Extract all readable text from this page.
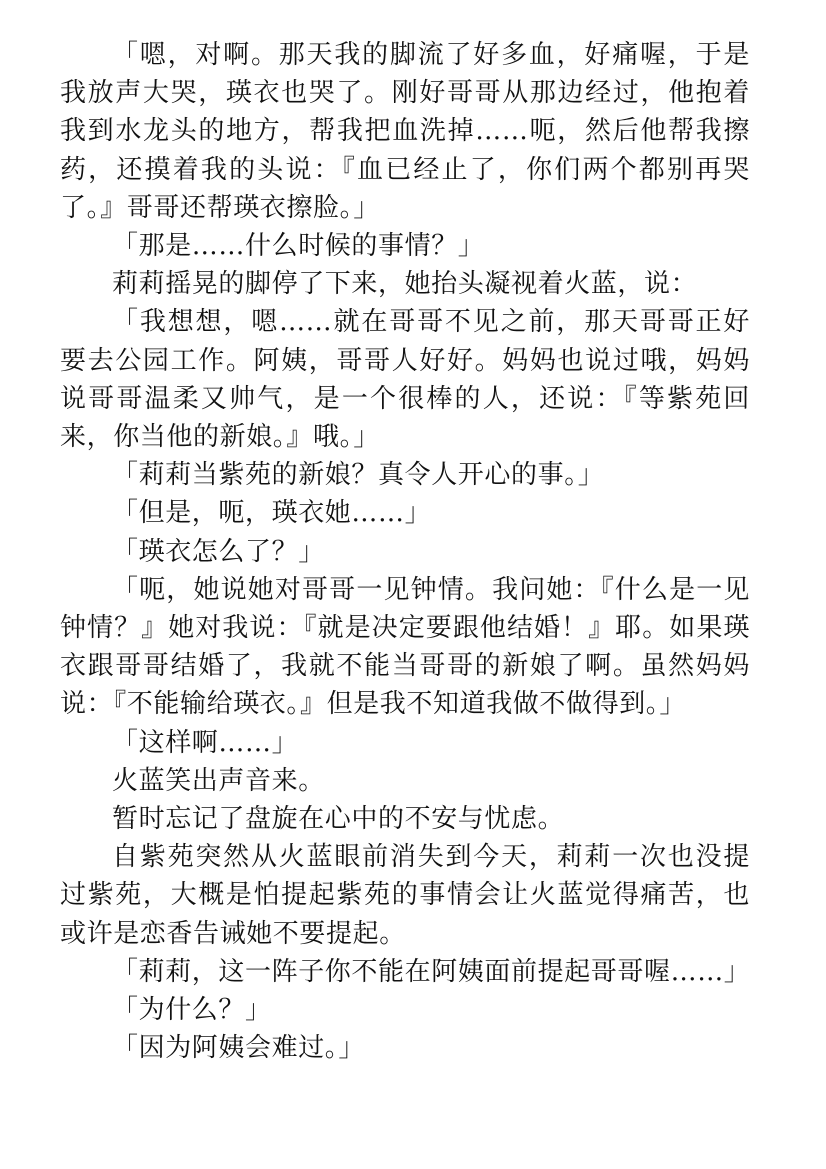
「嗯，对啊。那天我的脚流了好多血，好痛喔，于是我放声大哭，瑛衣也哭了。刚好哥哥从那边经过，他抱着我到水龙头的地方，帮我把血洗掉……呃，然后他帮我擦药，还摸着我的头说：『血已经止了，你们两个都别再哭了。』哥哥还帮瑛衣擦脸。」

「那是……什么时候的事情？」

莉莉摇晃的脚停了下来，她抬头凝视着火蓝，说：

「我想想，嗯……就在哥哥不见之前，那天哥哥正好要去公园工作。阿姨，哥哥人好好。妈妈也说过哦，妈妈说哥哥温柔又帅气，是一个很棒的人，还说：『等紫苑回来，你当他的新娘。』哦。」

「莉莉当紫苑的新娘？真令人开心的事。」

「但是，呃，瑛衣她……」

「瑛衣怎么了？」

「呃，她说她对哥哥一见钟情。我问她：『什么是一见钟情？』她对我说：『就是决定要跟他结婚！』耶。如果瑛衣跟哥哥结婚了，我就不能当哥哥的新娘了啊。虽然妈妈说：『不能输给瑛衣。』但是我不知道我做不做得到。」

「这样啊……」

火蓝笑出声音来。

暂时忘记了盘旋在心中的不安与忧虑。

自紫苑突然从火蓝眼前消失到今天，莉莉一次也没提过紫苑，大概是怕提起紫苑的事情会让火蓝觉得痛苦，也或许是恋香告诫她不要提起。

「莉莉，这一阵子你不能在阿姨面前提起哥哥喔……」

「为什么？」

「因为阿姨会难过。」
